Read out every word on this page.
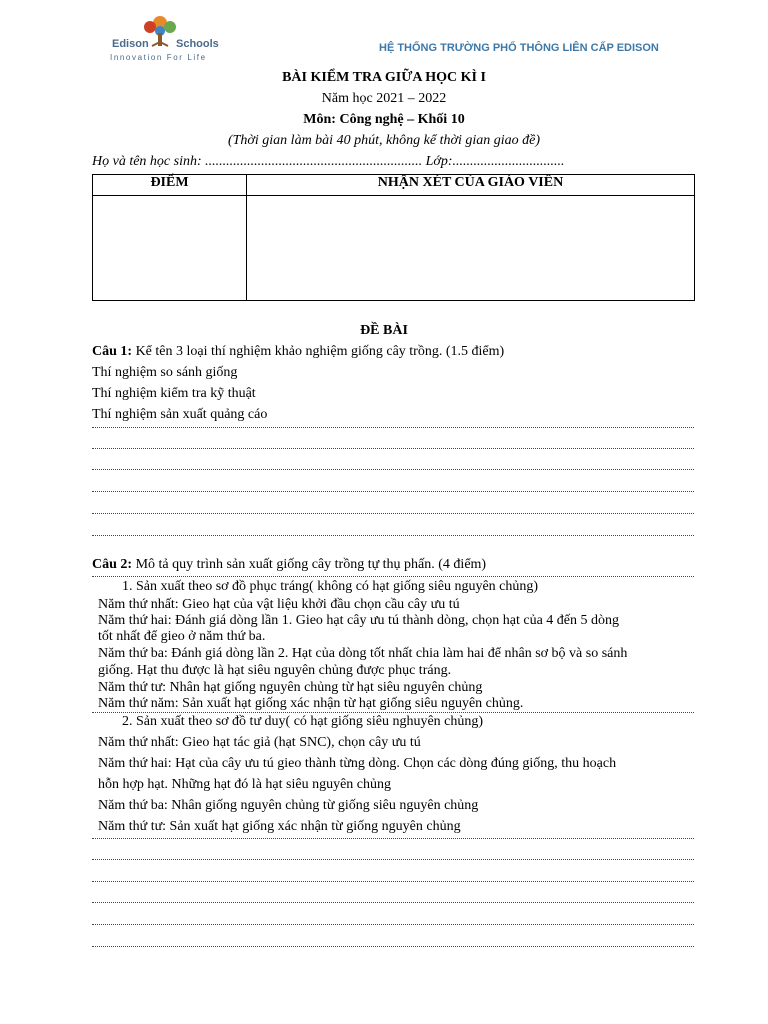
Edison Schools
Innovation For Life
HỆ THỐNG TRƯỜNG PHỔ THÔNG LIÊN CẤP EDISON
BÀI KIỂM TRA GIỮA HỌC KÌ I
Năm học 2021 – 2022
Môn: Công nghệ – Khối 10
(Thời gian làm bài 40 phút, không kể thời gian giao đề)
Họ và tên học sinh: .............................................................. Lớp:................................
ĐIỂM	NHẬN XÉT CỦA GIÁO VIÊN

ĐỀ BÀI
Câu 1: Kể tên 3 loại thí nghiệm khảo nghiệm giống cây trồng. (1.5 điểm)
Thí nghiệm so sánh giống
Thí nghiệm kiểm tra kỹ thuật
Thí nghiệm sản xuất quảng cáo
Câu 2: Mô tả quy trình sản xuất giống cây trồng tự thụ phấn. (4 điểm)
1. Sản xuất theo sơ đồ phục tráng( không có hạt giống siêu nguyên chủng)
Năm thứ nhất: Gieo hạt của vật liệu khởi đầu chọn cầu cây ưu tú
Năm thứ hai: Đánh giá dòng lần 1. Gieo hạt cây ưu tú thành dòng, chọn hạt của 4 đến 5 dòng
tốt nhất để gieo ở năm thứ ba.
Năm thứ ba: Đánh giá dòng lần 2. Hạt của dòng tốt nhất chia làm hai để nhân sơ bộ và so sánh
giống. Hạt thu được là hạt siêu nguyên chủng được phục tráng.
Năm thứ tư: Nhân hạt giống nguyên chủng từ hạt siêu nguyên chủng
Năm thứ năm: Sản xuất hạt giống xác nhận từ hạt giống siêu nguyên chủng.
2. Sản xuất theo sơ đồ tư duy( có hạt giống siêu nghuyên chủng)
Năm thứ nhất: Gieo hạt tác giả (hạt SNC), chọn cây ưu tú
Năm thứ hai: Hạt của cây ưu tú gieo thành từng dòng. Chọn các dòng đúng giống, thu hoạch
hỗn hợp hạt. Những hạt đó là hạt siêu nguyên chủng
Năm thứ ba: Nhân giống nguyên chủng từ giống siêu nguyên chủng
Năm thứ tư: Sản xuất hạt giống xác nhận từ giống nguyên chủng
